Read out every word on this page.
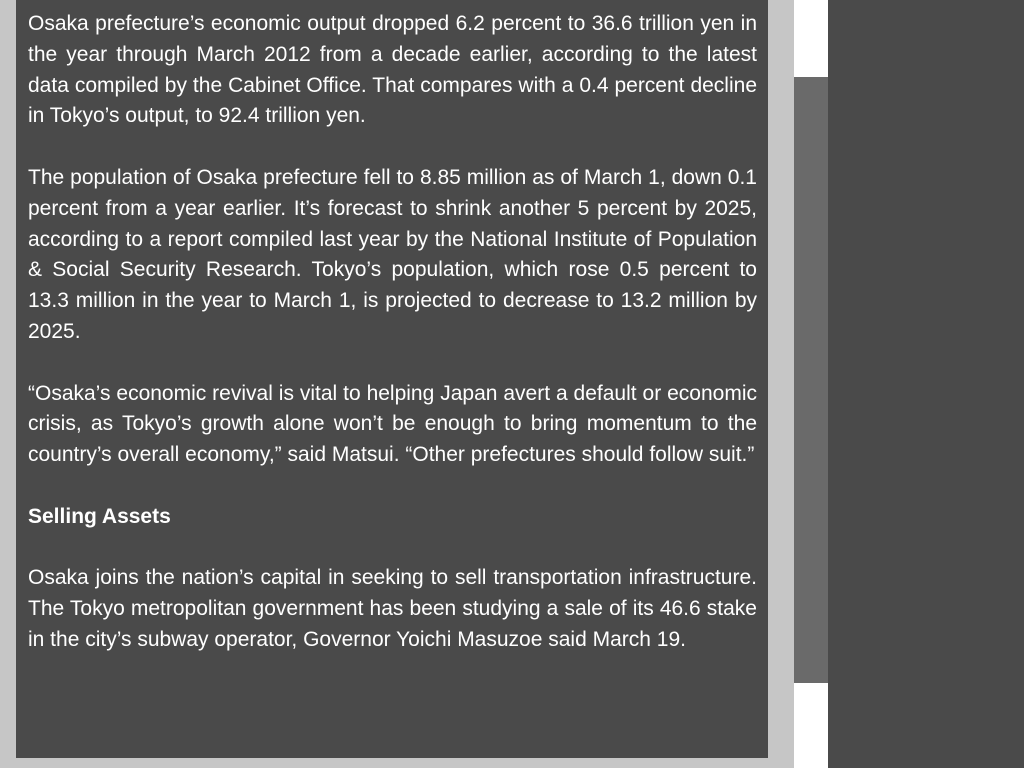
Osaka prefecture’s economic output dropped 6.2 percent to 36.6 trillion yen in the year through March 2012 from a decade earlier, according to the latest data compiled by the Cabinet Office. That compares with a 0.4 percent decline in Tokyo’s output, to 92.4 trillion yen.

The population of Osaka prefecture fell to 8.85 million as of March 1, down 0.1 percent from a year earlier. It’s forecast to shrink another 5 percent by 2025, according to a report compiled last year by the National Institute of Population & Social Security Research. Tokyo’s population, which rose 0.5 percent to 13.3 million in the year to March 1, is projected to decrease to 13.2 million by 2025.

“Osaka’s economic revival is vital to helping Japan avert a default or economic crisis, as Tokyo’s growth alone won’t be enough to bring momentum to the country’s overall economy,” said Matsui. “Other prefectures should follow suit.”

Selling Assets

Osaka joins the nation’s capital in seeking to sell transportation infrastructure. The Tokyo metropolitan government has been studying a sale of its 46.6 stake in the city’s subway operator, Governor Yoichi Masuzoe said March 19.
